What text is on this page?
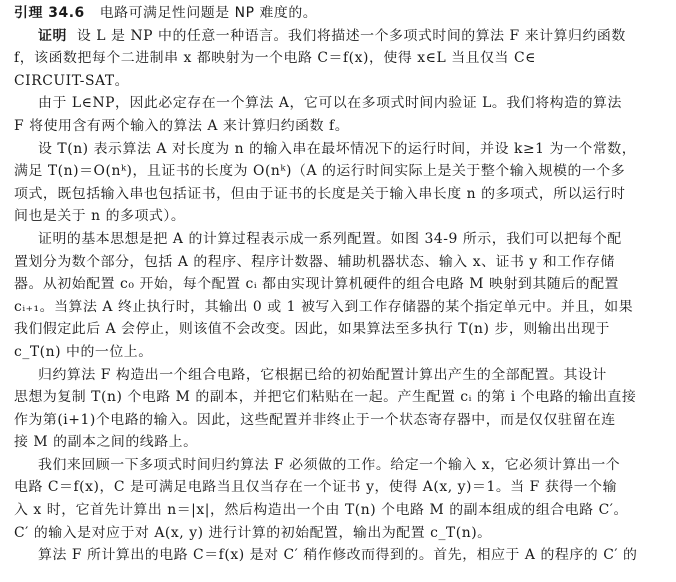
引理 34.6 电路可满足性问题是 NP 难度的。
证明 设 L 是 NP 中的任意一种语言。我们将描述一个多项式时间的算法 F 来计算归约函数
f，该函数把每个二进制串 x 都映射为一个电路 C＝f(x)，使得 x∈L 当且仅当 C∈
CIRCUIT-SAT。
由于 L∈NP，因此必定存在一个算法 A，它可以在多项式时间内验证 L。我们将构造的算法
F 将使用含有两个输入的算法 A 来计算归约函数 f。
设 T(n) 表示算法 A 对长度为 n 的输入串在最坏情况下的运行时间，并设 k≥1 为一个常数，
满足 T(n)＝O(nᵏ)，且证书的长度为 O(nᵏ)（A 的运行时间实际上是关于整个输入规模的一个多
项式，既包括输入串也包括证书，但由于证书的长度是关于输入串长度 n 的多项式，所以运行时
间也是关于 n 的多项式）。
证明的基本思想是把 A 的计算过程表示成一系列配置。如图 34-9 所示，我们可以把每个配
置划分为数个部分，包括 A 的程序、程序计数器、辅助机器状态、输入 x、证书 y 和工作存储
器。从初始配置 c₀ 开始，每个配置 cᵢ 都由实现计算机硬件的组合电路 M 映射到其随后的配置
cᵢ₊₁。当算法 A 终止执行时，其输出 0 或 1 被写入到工作存储器的某个指定单元中。并且，如果
我们假定此后 A 会停止，则该值不会改变。因此，如果算法至多执行 T(n) 步，则输出出现于
c_T(n) 中的一位上。
归约算法 F 构造出一个组合电路，它根据已给的初始配置计算出产生的全部配置。其设计
思想为复制 T(n) 个电路 M 的副本，并把它们粘贴在一起。产生配置 cᵢ 的第 i 个电路的输出直接
作为第(i+1)个电路的输入。因此，这些配置并非终止于一个状态寄存器中，而是仅仅驻留在连
接 M 的副本之间的线路上。
我们来回顾一下多项式时间归约算法 F 必须做的工作。给定一个输入 x，它必须计算出一个
电路 C＝f(x)，C 是可满足电路当且仅当存在一个证书 y，使得 A(x, y)＝1。当 F 获得一个输
入 x 时，它首先计算出 n＝|x|，然后构造出一个由 T(n) 个电路 M 的副本组成的组合电路 C′。
C′ 的输入是对应于对 A(x, y) 进行计算的初始配置，输出为配置 c_T(n)。
算法 F 所计算出的电路 C＝f(x) 是对 C′ 稍作修改而得到的。首先，相应于 A 的程序的 C′ 的
